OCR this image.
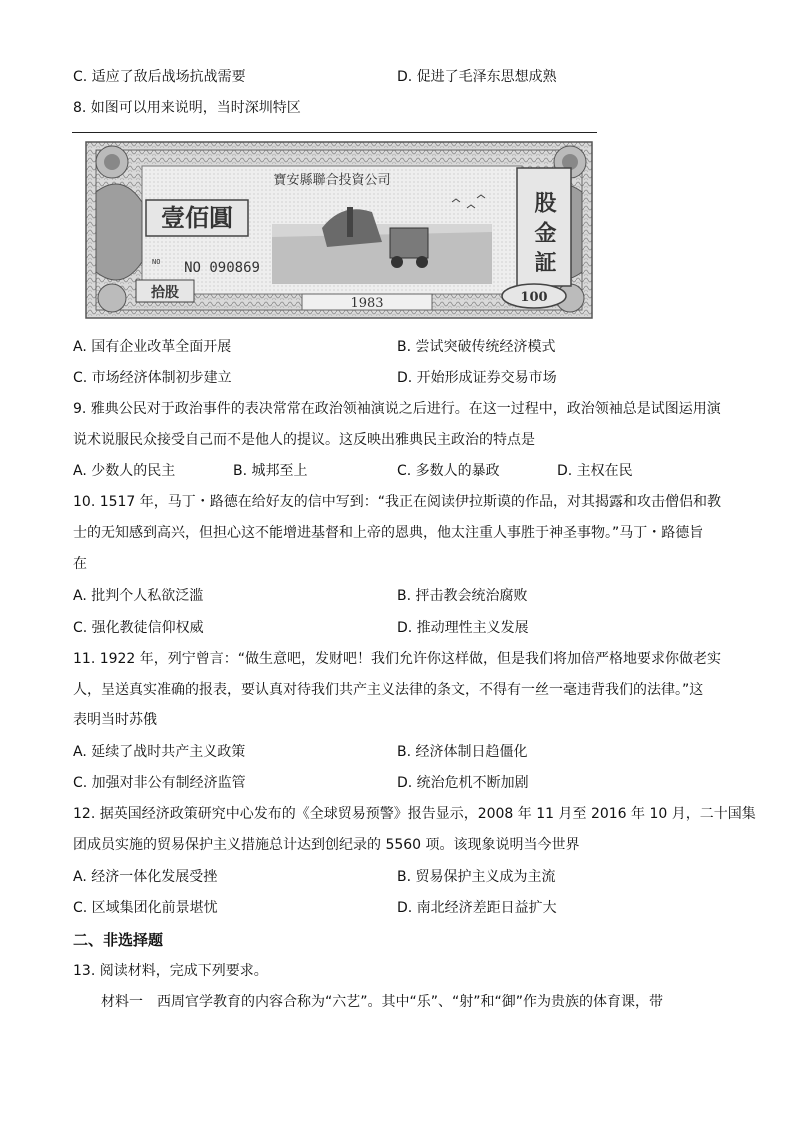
C. 适应了敌后战场抗战需要	D. 促进了毛泽东思想成熟
8. 如图可以用来说明，当时深圳特区
寶安縣聯合投資公司
壹佰圓
NO NO 090869
拾股
1983
股 金 証
100
A. 国有企业改革全面开展	B. 尝试突破传统经济模式
C. 市场经济体制初步建立	D. 开始形成证券交易市场
9. 雅典公民对于政治事件的表决常常在政治领袖演说之后进行。在这一过程中，政治领袖总是试图运用演
说术说服民众接受自己而不是他人的提议。这反映出雅典民主政治的特点是
A. 少数人的民主	B. 城邦至上	C. 多数人的暴政	D. 主权在民
10. 1517 年，马丁・路德在给好友的信中写到：“我正在阅读伊拉斯谟的作品，对其揭露和攻击僧侣和教
士的无知感到高兴，但担心这不能增进基督和上帝的恩典，他太注重人事胜于神圣事物。”马丁・路德旨
在
A. 批判个人私欲泛滥	B. 抨击教会统治腐败
C. 强化教徒信仰权威	D. 推动理性主义发展
11. 1922 年，列宁曾言：“做生意吧，发财吧！我们允许你这样做，但是我们将加倍严格地要求你做老实
人，呈送真实准确的报表，要认真对待我们共产主义法律的条文，不得有一丝一毫违背我们的法律。”这
表明当时苏俄
A. 延续了战时共产主义政策	B. 经济体制日趋僵化
C. 加强对非公有制经济监管	D. 统治危机不断加剧
12. 据英国经济政策研究中心发布的《全球贸易预警》报告显示，2008 年 11 月至 2016 年 10 月，二十国集
团成员实施的贸易保护主义措施总计达到创纪录的 5560 项。该现象说明当今世界
A. 经济一体化发展受挫	B. 贸易保护主义成为主流
C. 区域集团化前景堪忧	D. 南北经济差距日益扩大
二、非选择题
13. 阅读材料，完成下列要求。
材料一　西周官学教育的内容合称为“六艺”。其中“乐”、“射”和“御”作为贵族的体育课，带
